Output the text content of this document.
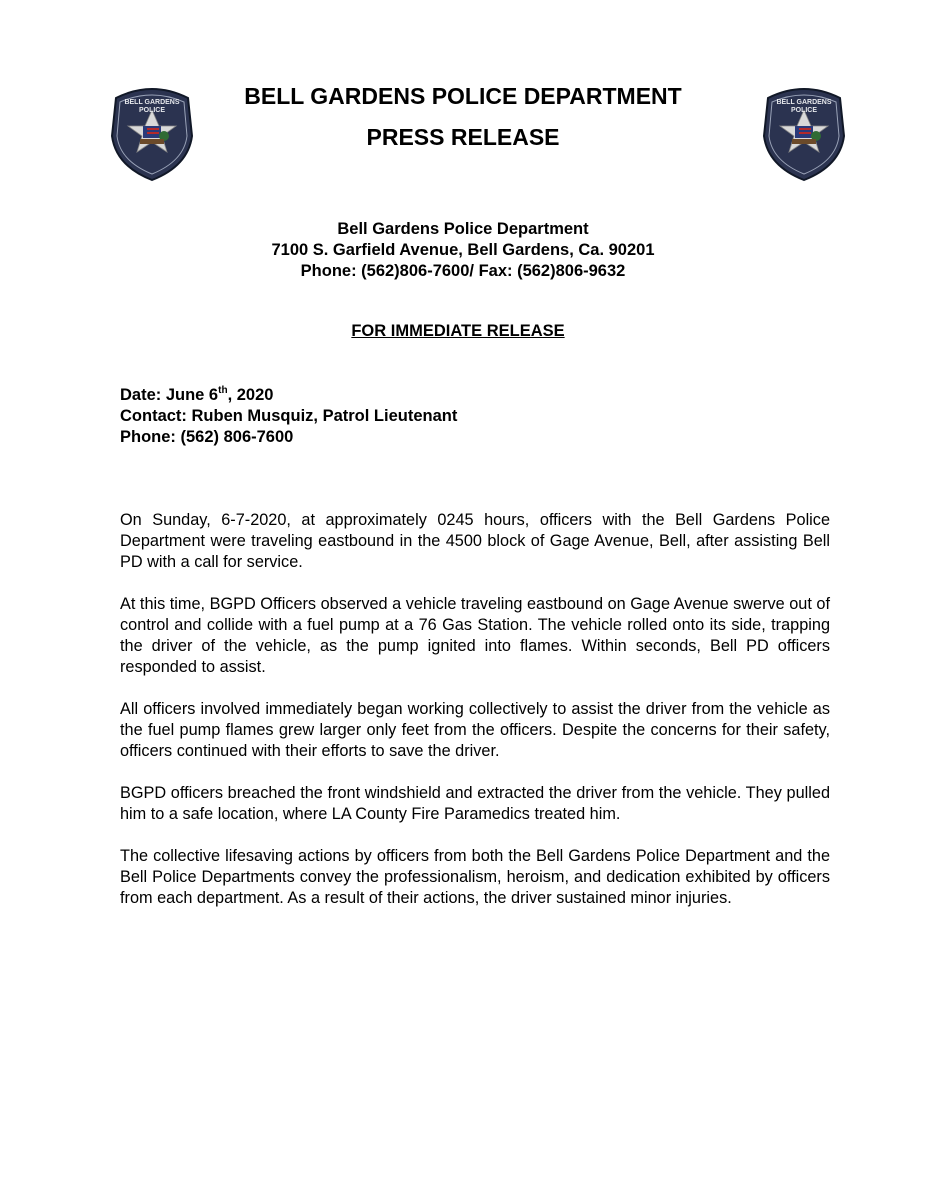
BELL GARDENS
POLICE
BELL GARDENS
POLICE
BELL GARDENS POLICE DEPARTMENT
PRESS RELEASE
Bell Gardens Police Department
7100 S. Garfield Avenue, Bell Gardens, Ca. 90201
Phone: (562)806-7600/ Fax: (562)806-9632
FOR IMMEDIATE RELEASE
Date: June 6th, 2020
Contact: Ruben Musquiz, Patrol Lieutenant
Phone: (562) 806-7600

On Sunday, 6-7-2020, at approximately 0245 hours, officers with the Bell Gardens Police Department were traveling eastbound in the 4500 block of Gage Avenue, Bell, after assisting Bell PD with a call for service.

At this time, BGPD Officers observed a vehicle traveling eastbound on Gage Avenue swerve out of control and collide with a fuel pump at a 76 Gas Station. The vehicle rolled onto its side, trapping the driver of the vehicle, as the pump ignited into flames. Within seconds, Bell PD officers responded to assist.

All officers involved immediately began working collectively to assist the driver from the vehicle as the fuel pump flames grew larger only feet from the officers. Despite the concerns for their safety, officers continued with their efforts to save the driver.

BGPD officers breached the front windshield and extracted the driver from the vehicle. They pulled him to a safe location, where LA County Fire Paramedics treated him.

The collective lifesaving actions by officers from both the Bell Gardens Police Department and the Bell Police Departments convey the professionalism, heroism, and dedication exhibited by officers from each department. As a result of their actions, the driver sustained minor injuries.
